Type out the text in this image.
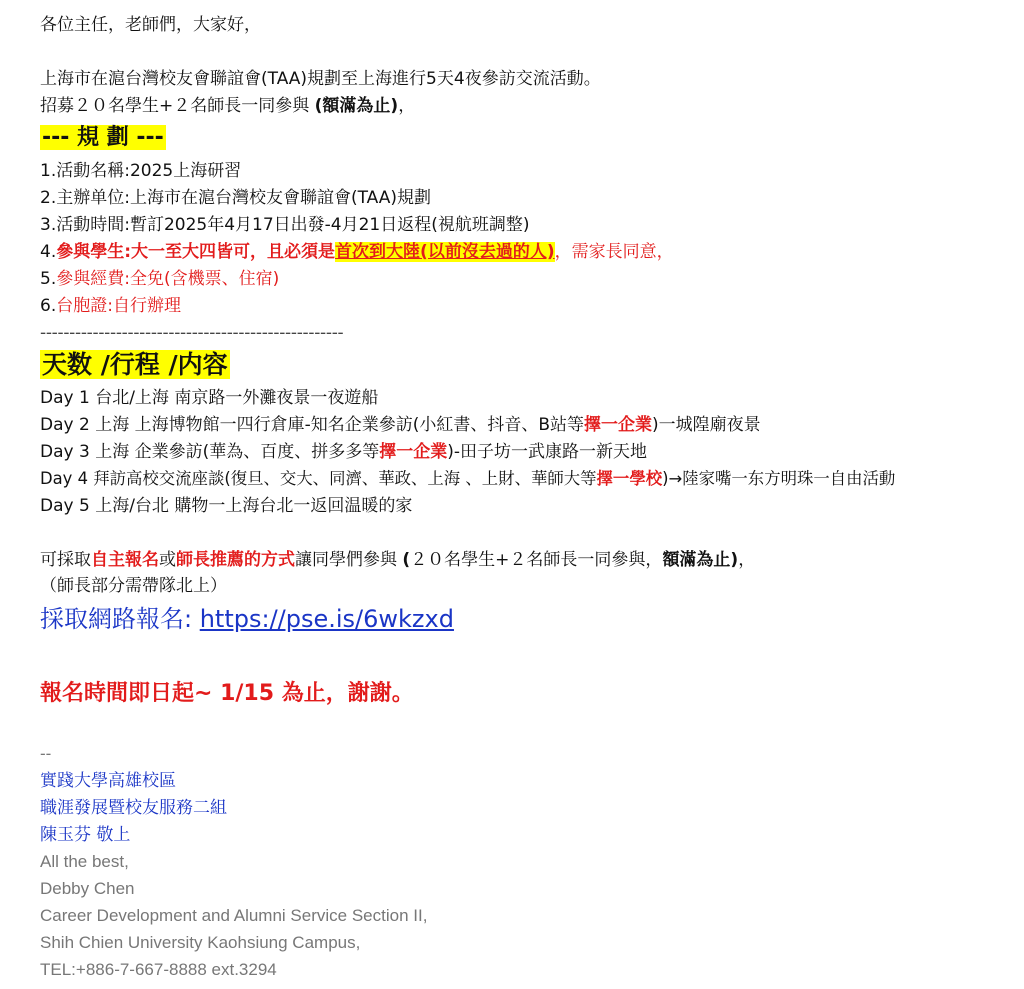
各位主任，老師們，大家好，
上海市在滬台灣校友會聯誼會(TAA)規劃至上海進行5天4夜參訪交流活動。
招募２０名學生+２名師長一同參與 (額滿為止)，
--- 規 劃 ---
1.活動名稱:2025上海研習
2.主辦单位:上海市在滬台灣校友會聯誼會(TAA)規劃
3.活動時間:暫訂2025年4月17日出發-4月21日返程(視航班調整)
4.參與學生:大一至大四皆可，且必須是首次到大陸(以前沒去過的人)，需家長同意，
5.參與經費:全免(含機票、住宿)
6.台胞證:自行辦理
----------------------------------------------------
天数 /行程 /内容
Day 1 台北/上海 南京路一外灘夜景一夜遊船
Day 2 上海 上海博物館一四行倉庫-知名企業參訪(小紅書、抖音、B站等擇一企業)一城隍廟夜景
Day 3 上海 企業參訪(華為、百度、拼多多等擇一企業)-田子坊一武康路一新天地
Day 4 拜訪高校交流座談(復旦、交大、同濟、華政、上海 、上財、華師大等擇一學校)→陸家嘴一东方明珠一自由活動
Day 5 上海/台北 購物一上海台北一返回温暖的家
可採取自主報名或師長推薦的方式讓同學們參與 (２０名學生+２名師長一同參與，額滿為止)，
（師長部分需帶隊北上）
採取網路報名: https://pse.is/6wkzxd
報名時間即日起~ 1/15 為止，謝謝。
--
實踐大學高雄校區
職涯發展暨校友服務二組
陳玉芬 敬上
All the best,
Debby Chen
Career Development and Alumni Service Section II,
Shih Chien University Kaohsiung Campus,
TEL:+886-7-667-8888 ext.3294
